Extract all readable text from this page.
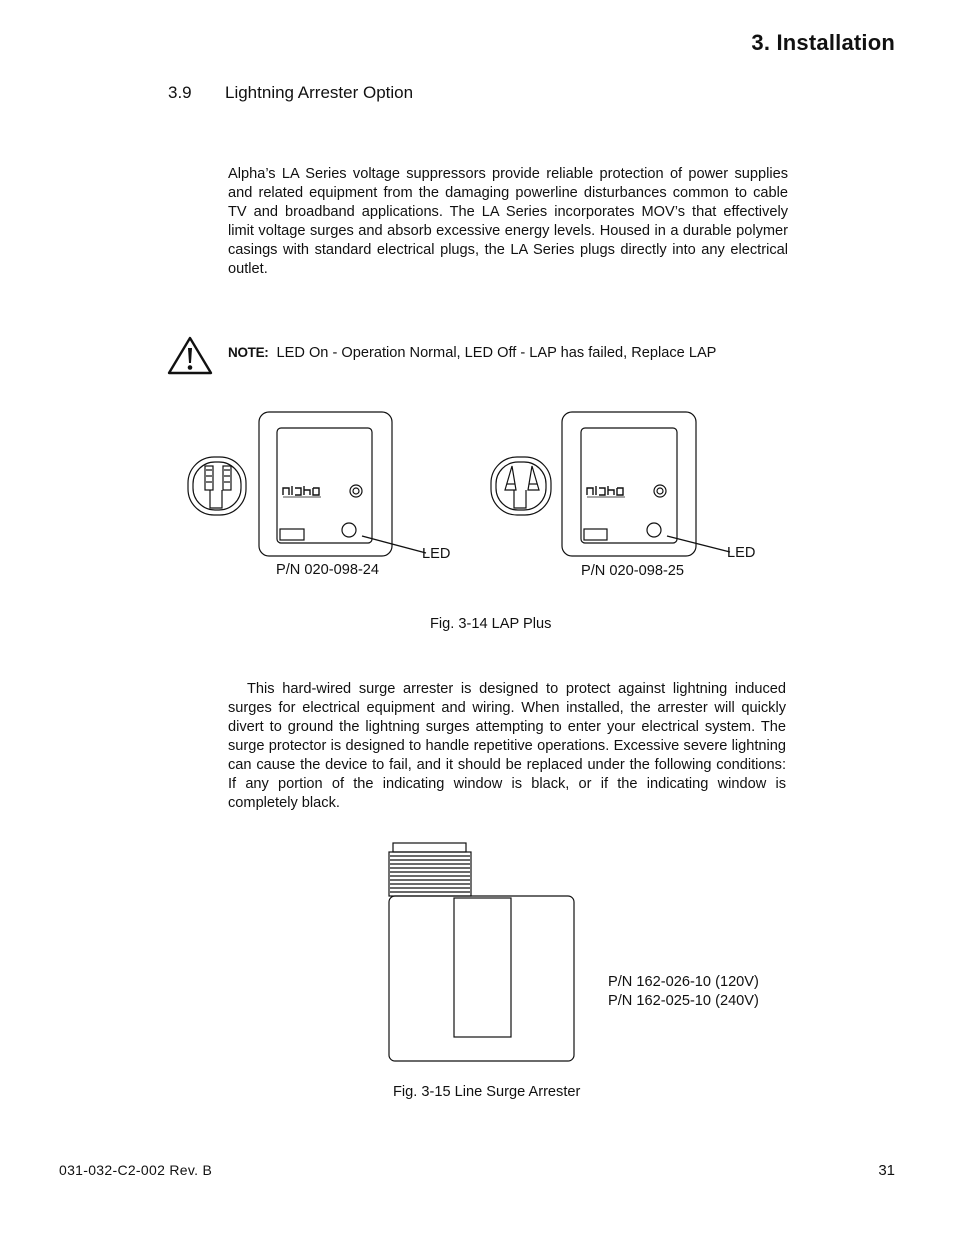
3. Installation
3.9 Lightning Arrester Option
Alpha’s LA Series voltage suppressors provide reliable protection of power supplies and related equipment from the damaging powerline disturbances common to cable TV and broadband applications. The LA Series incorporates MOV’s that effectively limit voltage surges and absorb excessive energy levels. Housed in a durable polymer casings with standard electrical plugs, the LA Series plugs directly into any electrical outlet.
NOTE: LED On - Operation Normal, LED Off - LAP has failed, Replace LAP
LED
P/N 020-098-24
LED
P/N 020-098-25
Fig. 3-14 LAP Plus
This hard-wired surge arrester is designed to protect against lightning induced surges for electrical equipment and wiring. When installed, the arrester will quickly divert to ground the lightning surges attempting to enter your electrical system. The surge protector is designed to handle repetitive operations. Excessive severe lightning can cause the device to fail, and it should be replaced under the following conditions: If any portion of the indicating window is black, or if the indicating window is completely black.
P/N 162-026-10 (120V)
P/N 162-025-10 (240V)
Fig. 3-15 Line Surge Arrester
031-032-C2-002 Rev. B	31
